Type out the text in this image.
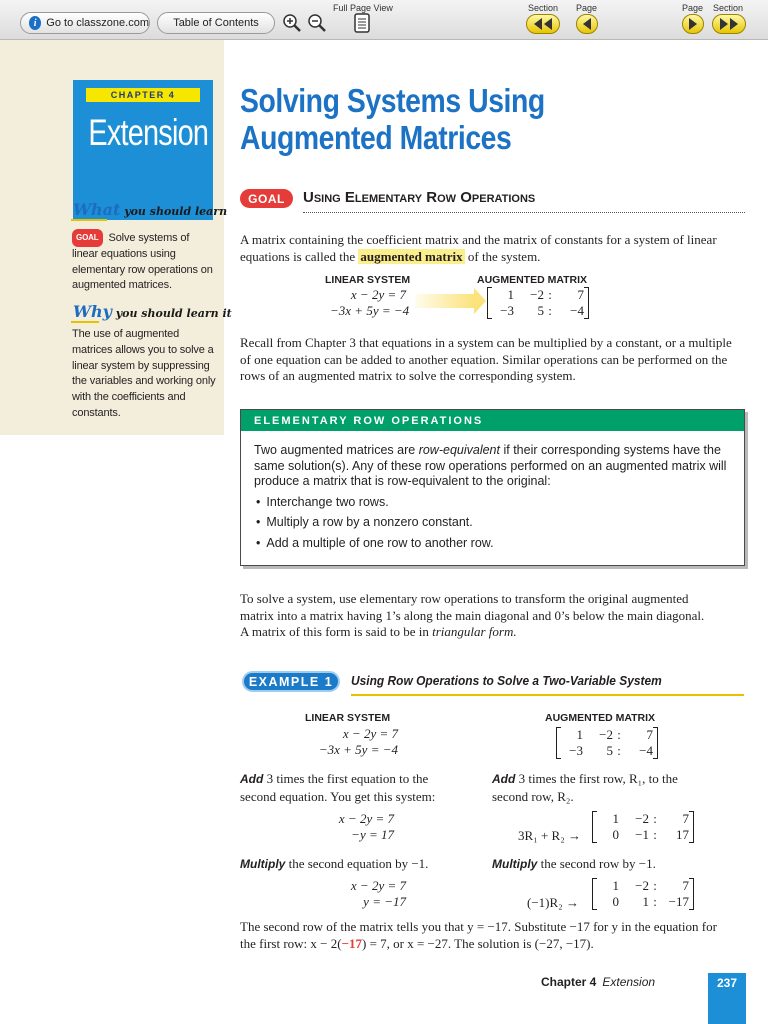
Full Page View	Section Page	Page Section
i Go to classzone.com Table of Contents
CHAPTER 4
Extension
What you should learn
GOAL Solve systems of linear equations using elementary row operations on augmented matrices.
Why you should learn it
The use of augmented matrices allows you to solve a linear system by suppressing the variables and working only with the coefficients and constants.
Solving Systems Using
Augmented Matrices
GOAL	Using Elementary Row Operations
A matrix containing the coefficient matrix and the matrix of constants for a system of linear equations is called the augmented matrix of the system.
LINEAR SYSTEM	AUGMENTED MATRIX
x − 2y = 7
−3x + 5y = −4
1	−2 :	7
−3	5 :	−4
Recall from Chapter 3 that equations in a system can be multiplied by a constant, or a multiple of one equation can be added to another equation. Similar operations can be performed on the rows of an augmented matrix to solve the corresponding system.
ELEMENTARY ROW OPERATIONS
Two augmented matrices are row-equivalent if their corresponding systems have the same solution(s). Any of these row operations performed on an augmented matrix will produce a matrix that is row-equivalent to the original:
• Interchange two rows.
• Multiply a row by a nonzero constant.
• Add a multiple of one row to another row.
To solve a system, use elementary row operations to transform the original augmented matrix into a matrix having 1’s along the main diagonal and 0’s below the main diagonal. A matrix of this form is said to be in triangular form.
EXAMPLE 1	Using Row Operations to Solve a Two-Variable System
LINEAR SYSTEM	AUGMENTED MATRIX
x − 2y = 7
−3x + 5y = −4
1	−2 :	7
−3	5 :	−4
Add 3 times the first equation to the second equation. You get this system:
Add 3 times the first row, R₁, to the second row, R₂.
x − 2y = 7
−y = 17	3R₁ + R₂ →
1	−2 :	7
0	−1 :	17
Multiply the second equation by −1.	Multiply the second row by −1.
x − 2y = 7
y = −17	(−1)R₂ →
1	−2 :	7
0	1 : −17
The second row of the matrix tells you that y = −17. Substitute −17 for y in the equation for the first row: x − 2(−17) = 7, or x = −27. The solution is (−27, −17).
Chapter 4 Extension	237
